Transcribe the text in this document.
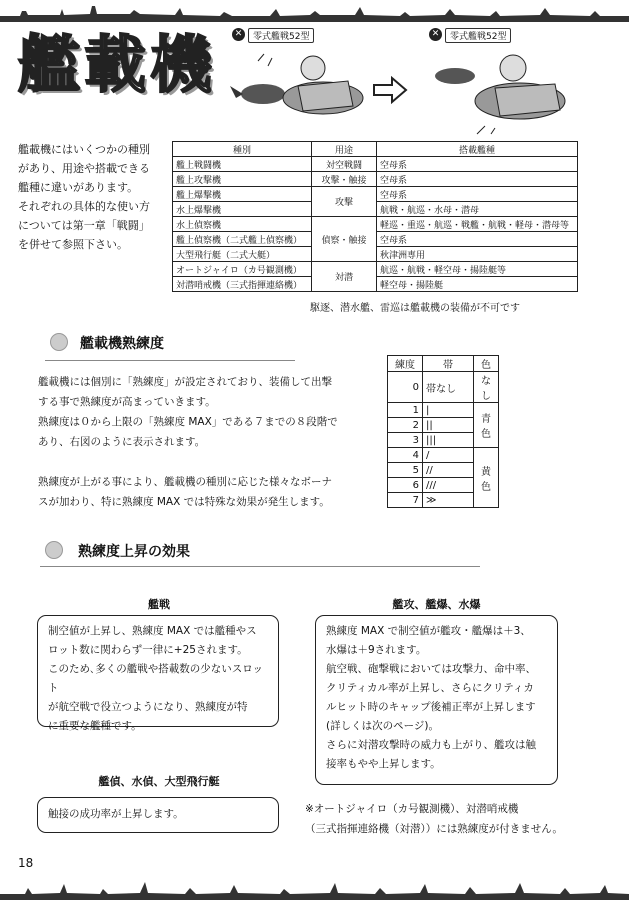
艦載機	✕	零式艦戦52型	✕	零式艦戦52型
艦載機にはいくつかの種別
があり、用途や搭載できる
艦種に違いがあります。
それぞれの具体的な使い方
については第一章「戦闘」
を併せて参照下さい。
種別	用途	搭載艦種
艦上戦闘機	対空戦闘	空母系
艦上攻撃機	攻撃・触接	空母系
艦上爆撃機	攻撃	空母系
水上爆撃機		航戦・航巡・水母・潜母
水上偵察機	偵察・触接	軽巡・重巡・航巡・戦艦・航戦・軽母・潜母等
艦上偵察機（二式艦上偵察機）		空母系
大型飛行艇（二式大艇）		秋津洲専用
オートジャイロ（カ号観測機）	対潜	航巡・航戦・軽空母・揚陸艇等
対潜哨戒機（三式指揮連絡機）		軽空母・揚陸艇
駆逐、潜水艦、雷巡は艦載機の装備が不可です
艦載機熟練度
艦載機には個別に「熟練度」が設定されており、装備して出撃
する事で熟練度が高まっていきます。
熟練度は０から上限の「熟練度 MAX」である７までの８段階で
あり、右図のように表示されます。
熟練度が上がる事により、艦載機の種別に応じた様々なボーナ
スが加わり、特に熟練度 MAX では特殊な効果が発生します。
練度	帯	色
0	帯なし	なし
1	|	青色
2	||	
3	|||	
4	/	黄色
5	//	
6	///	
7	≫	
熟練度上昇の効果
艦戦
制空値が上昇し、熟練度 MAX では艦種やス
ロット数に関わらず一律に+25されます。
このため､多くの艦戦や搭載数の少ないスロット
が航空戦で役立つようになり、熟練度が特
に重要な艦種です。
艦攻、艦爆、水爆
熟練度 MAX で制空値が艦攻・艦爆は＋3、
水爆は＋9されます。
航空戦、砲撃戦においては攻撃力、命中率、
クリティカル率が上昇し、さらにクリティカ
ルヒット時のキャップ後補正率が上昇します
(詳しくは次のページ)。
さらに対潜攻撃時の威力も上がり、艦攻は触
接率もやや上昇します。
艦偵、水偵、大型飛行艇
触接の成功率が上昇します。	※オートジャイロ（カ号観測機）、対潜哨戒機
（三式指揮連絡機（対潜））には熟練度が付きません。
18
